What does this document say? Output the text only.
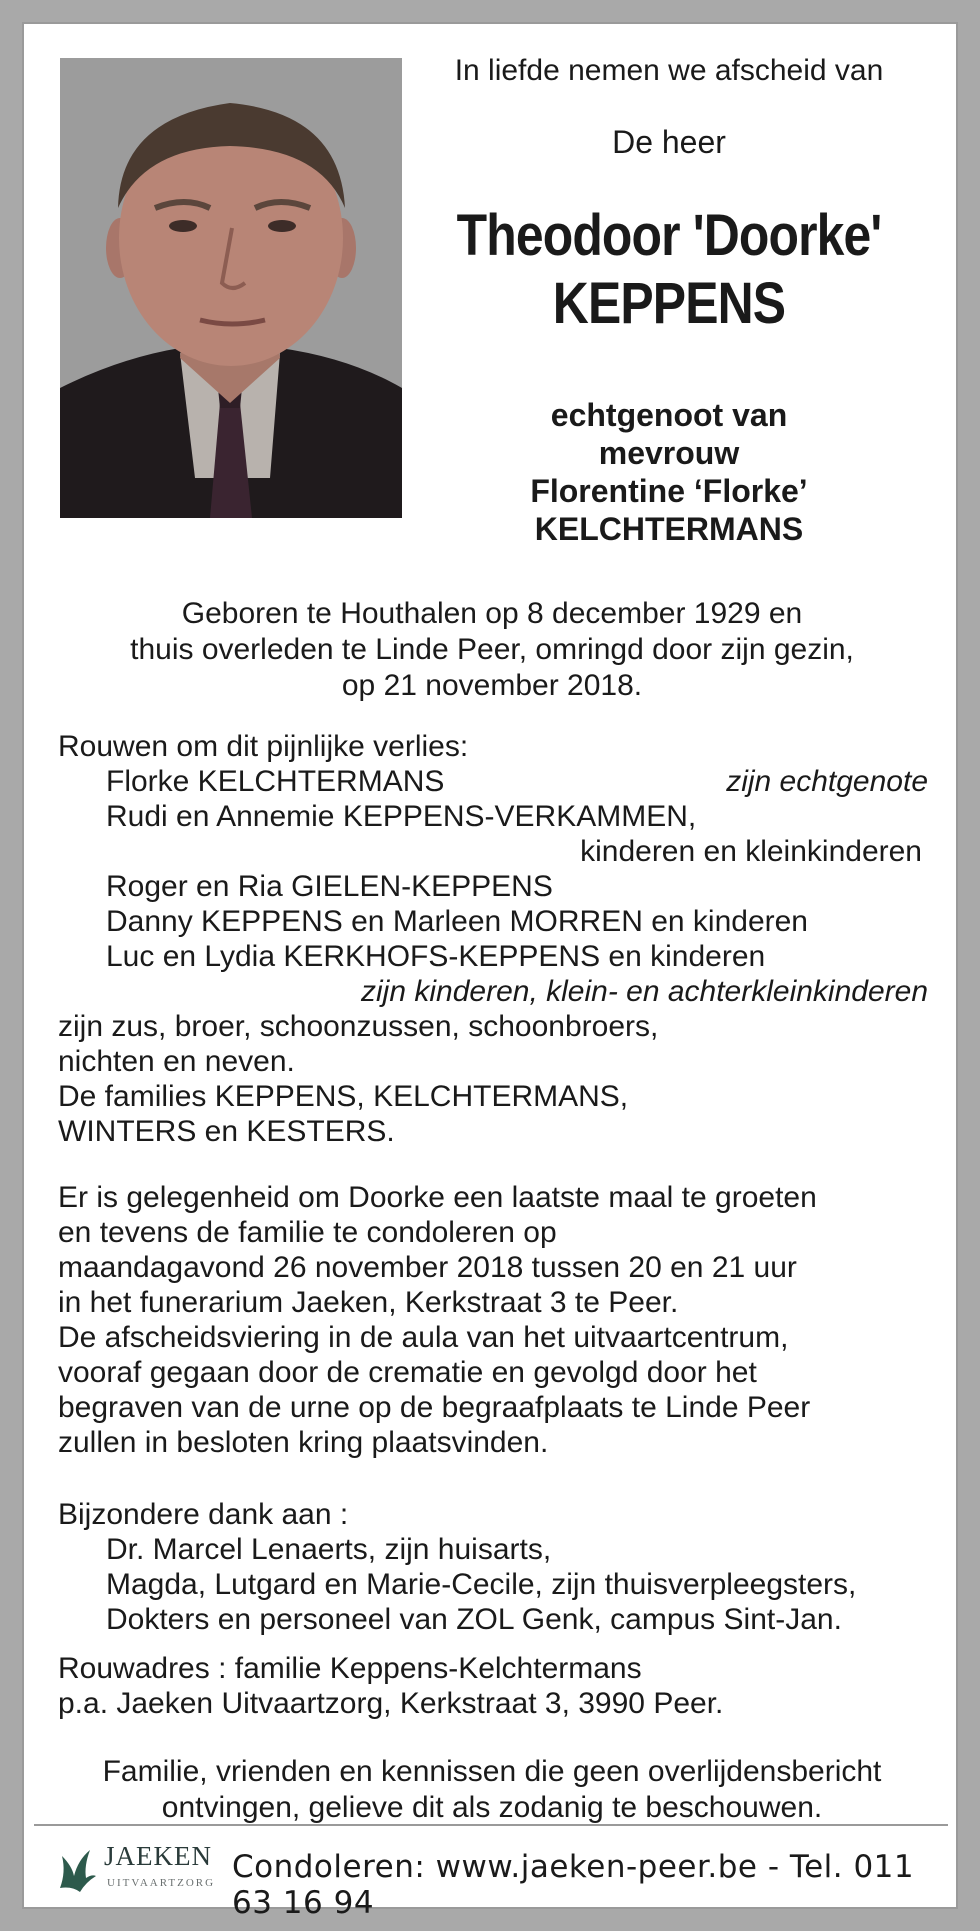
In liefde nemen we afscheid van
De heer
Theodoor 'Doorke'
KEPPENS
echtgenoot van
mevrouw
Florentine ‘Florke’
KELCHTERMANS
Geboren te Houthalen op 8 december 1929 en
thuis overleden te Linde Peer, omringd door zijn gezin,
op 21 november 2018.
Rouwen om dit pijnlijke verlies:
Florke KELCHTERMANS	zijn echtgenote
Rudi en Annemie KEPPENS-VERKAMMEN,
kinderen en kleinkinderen
Roger en Ria GIELEN-KEPPENS
Danny KEPPENS en Marleen MORREN en kinderen
Luc en Lydia KERKHOFS-KEPPENS en kinderen
zijn kinderen, klein- en achterkleinkinderen
zijn zus, broer, schoonzussen, schoonbroers,
nichten en neven.
De families KEPPENS, KELCHTERMANS,
WINTERS en KESTERS.
Er is gelegenheid om Doorke een laatste maal te groeten
en tevens de familie te condoleren op
maandagavond 26 november 2018 tussen 20 en 21 uur
in het funerarium Jaeken, Kerkstraat 3 te Peer.
De afscheidsviering in de aula van het uitvaartcentrum,
vooraf gegaan door de crematie en gevolgd door het
begraven van de urne op de begraafplaats te Linde Peer
zullen in besloten kring plaatsvinden.
Bijzondere dank aan :
Dr. Marcel Lenaerts, zijn huisarts,
Magda, Lutgard en Marie-Cecile, zijn thuisverpleegsters,
Dokters en personeel van ZOL Genk, campus Sint-Jan.
Rouwadres : familie Keppens-Kelchtermans
p.a. Jaeken Uitvaartzorg, Kerkstraat 3, 3990 Peer.
Familie, vrienden en kennissen die geen overlijdensbericht
ontvingen, gelieve dit als zodanig te beschouwen.
JAEKEN
UITVAARTZORG Condoleren: www.jaeken-peer.be - Tel. 011 63 16 94
